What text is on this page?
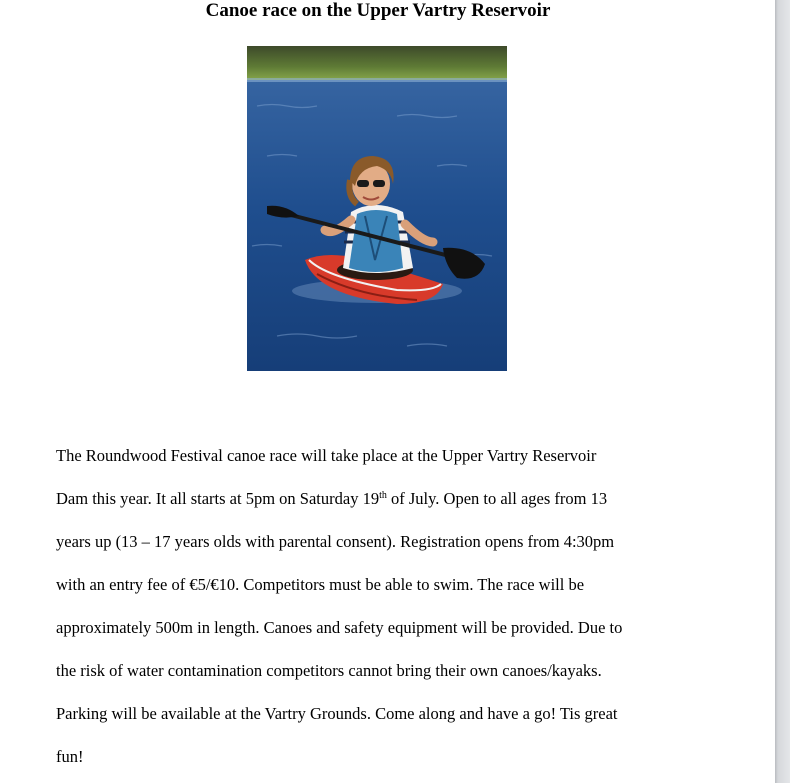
Canoe race on the Upper Vartry Reservoir
The Roundwood Festival canoe race will take place at the Upper Vartry Reservoir
Dam this year. It all starts at 5pm on Saturday 19th of July. Open to all ages from 13
years up (13 – 17 years olds with parental consent). Registration opens from 4:30pm
with an entry fee of €5/€10. Competitors must be able to swim. The race will be
approximately 500m in length. Canoes and safety equipment will be provided. Due to
the risk of water contamination competitors cannot bring their own canoes/kayaks.
Parking will be available at the Vartry Grounds. Come along and have a go! Tis great
fun!
